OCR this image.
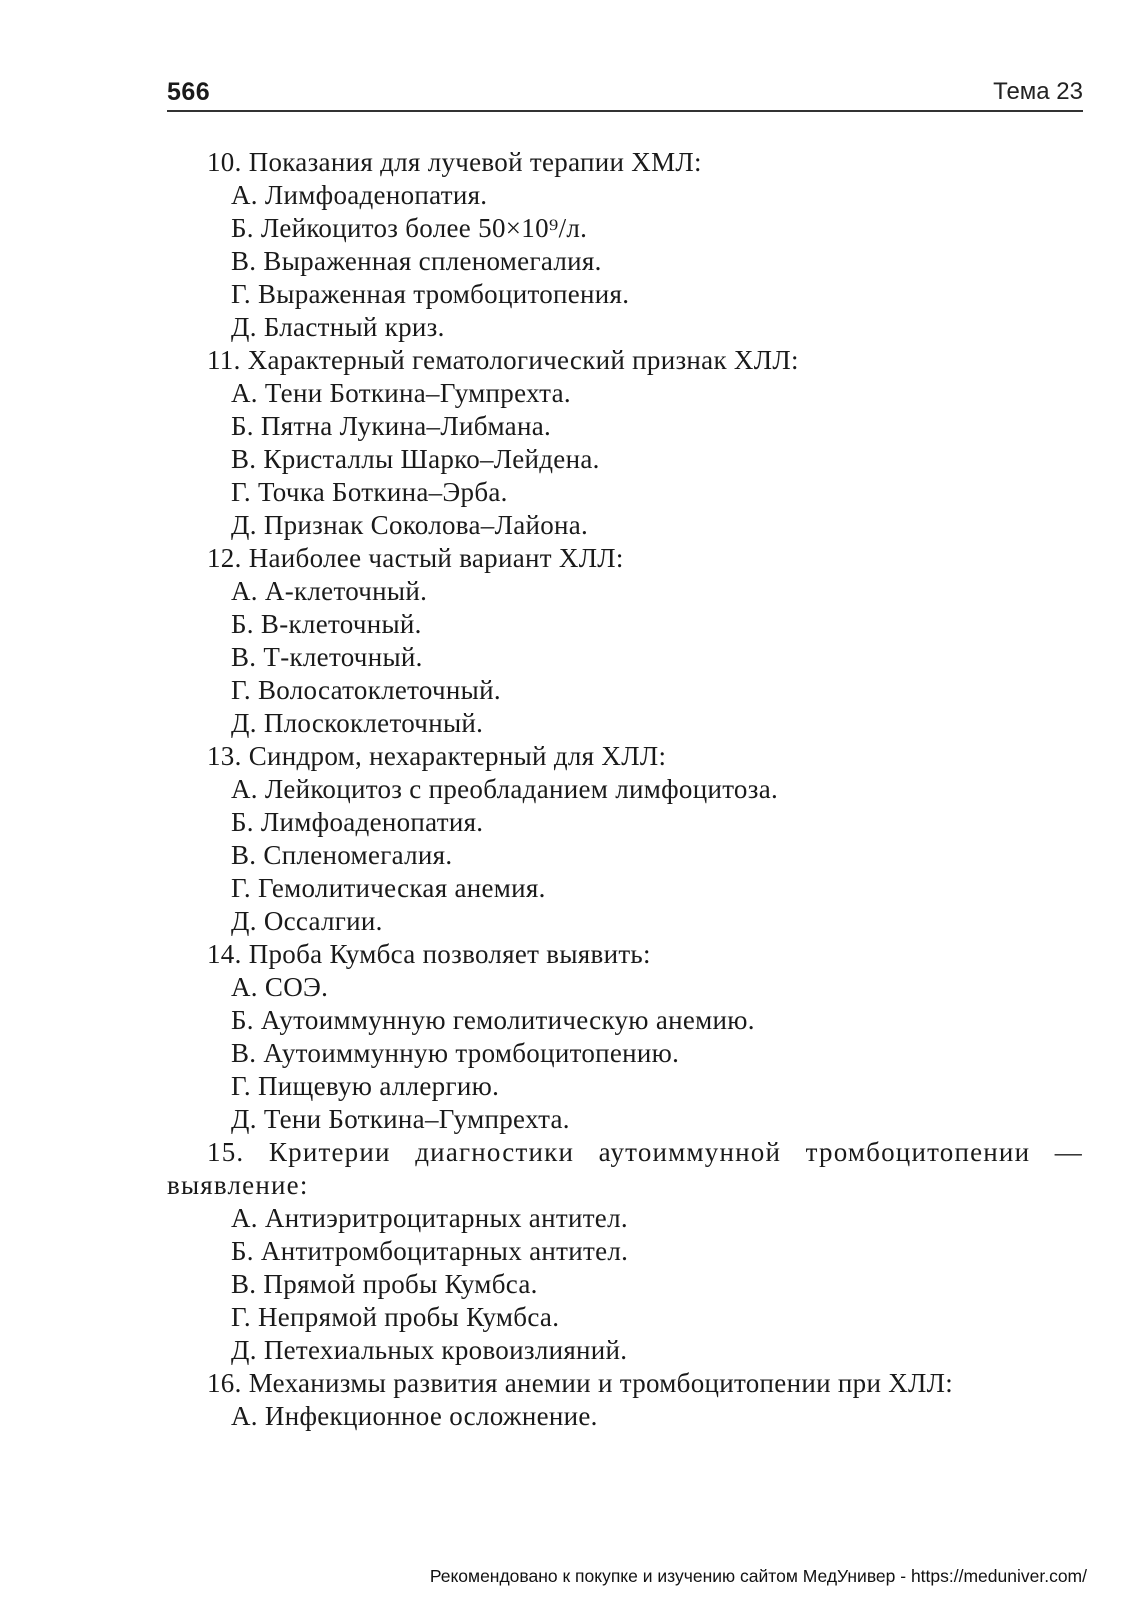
566	Тема 23

10. Показания для лучевой терапии ХМЛ:

А. Лимфоаденопатия.

Б. Лейкоцитоз более 50×10⁹/л.

В. Выраженная спленомегалия.

Г. Выраженная тромбоцитопения.

Д. Бластный криз.

11. Характерный гематологический признак ХЛЛ:

А. Тени Боткина–Гумпрехта.

Б. Пятна Лукина–Либмана.

В. Кристаллы Шарко–Лейдена.

Г. Точка Боткина–Эрба.

Д. Признак Соколова–Лайона.

12. Наиболее частый вариант ХЛЛ:

А. А-клеточный.

Б. В-клеточный.

В. Т-клеточный.

Г. Волосатоклеточный.

Д. Плоскоклеточный.

13. Синдром, нехарактерный для ХЛЛ:

А. Лейкоцитоз с преобладанием лимфоцитоза.

Б. Лимфоаденопатия.

В. Спленомегалия.

Г. Гемолитическая анемия.

Д. Оссалгии.

14. Проба Кумбса позволяет выявить:

А. СОЭ.

Б. Аутоиммунную гемолитическую анемию.

В. Аутоиммунную тромбоцитопению.

Г. Пищевую аллергию.

Д. Тени Боткина–Гумпрехта.

15. Критерии диагностики аутоиммунной тромбоцитопении — выявление:

А. Антиэритроцитарных антител.

Б. Антитромбоцитарных антител.

В. Прямой пробы Кумбса.

Г. Непрямой пробы Кумбса.

Д. Петехиальных кровоизлияний.

16. Механизмы развития анемии и тромбоцитопении при ХЛЛ:

А. Инфекционное осложнение.

Рекомендовано к покупке и изучению сайтом МедУнивер - https://meduniver.com/
